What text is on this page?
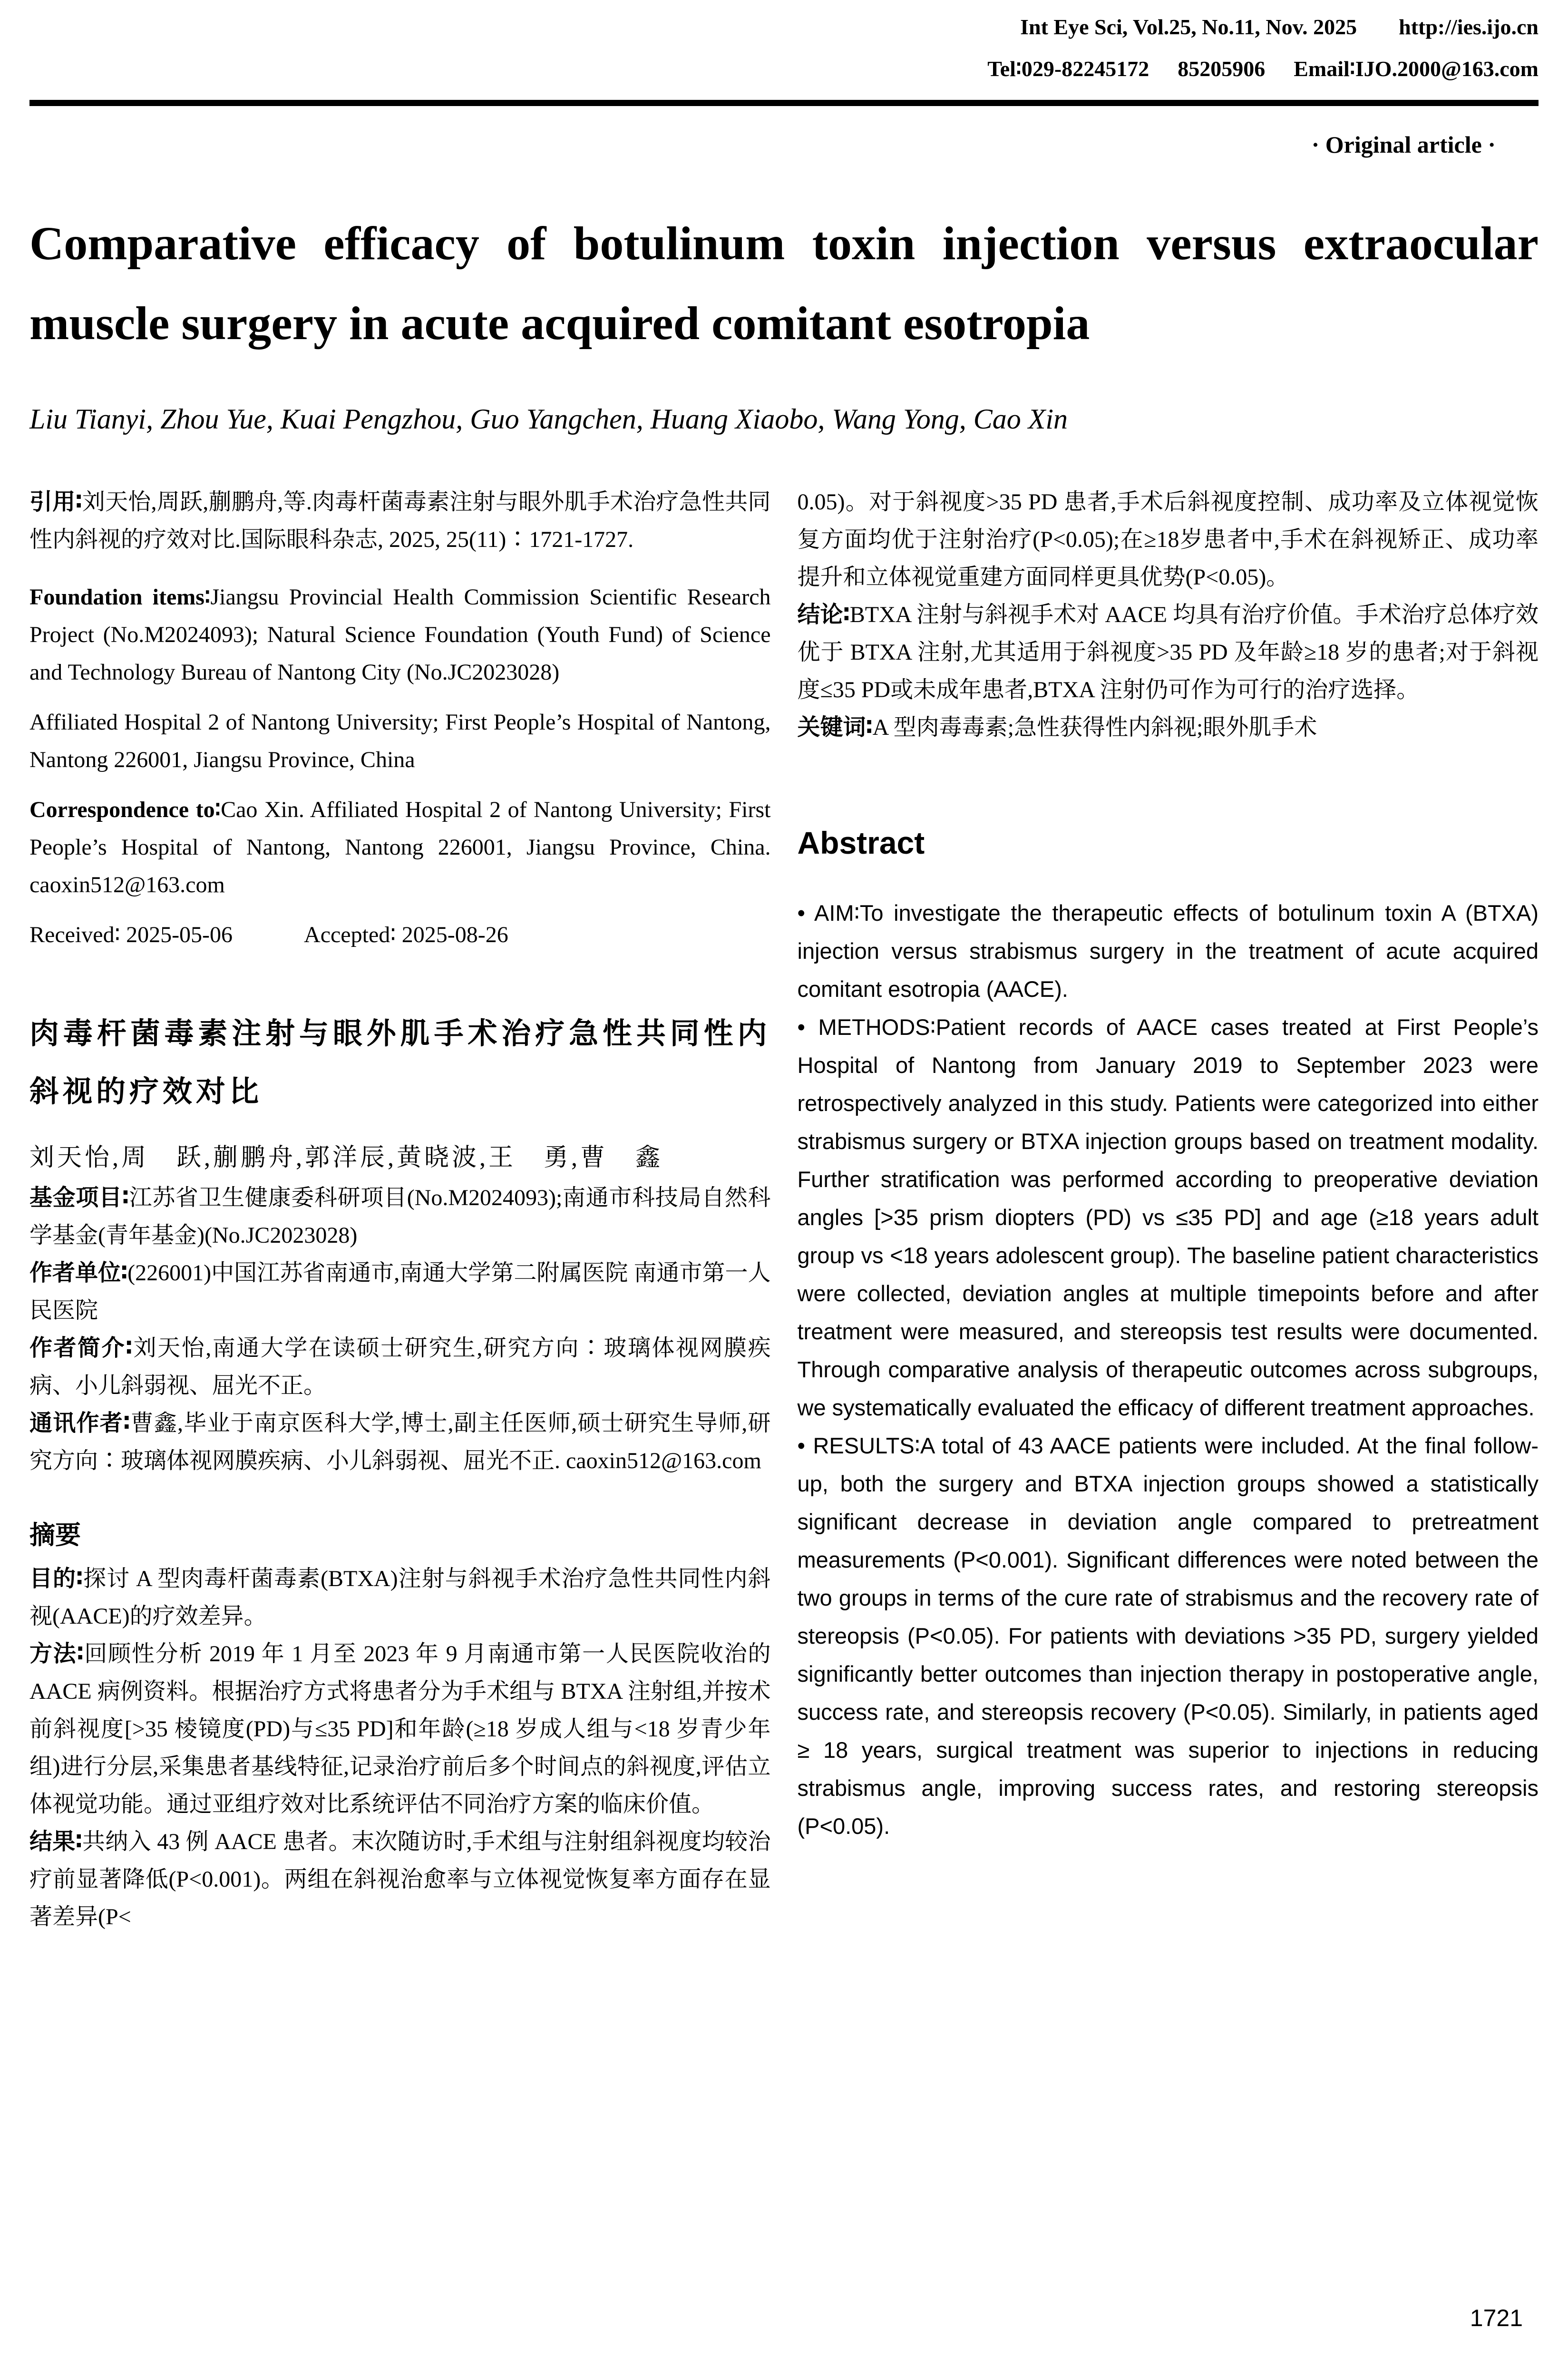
Int Eye Sci, Vol.25, No.11, Nov. 2025 http://ies.ijo.cn
Tel∶029-82245172 85205906 Email∶IJO.2000@163.com
· Original article ·
Comparative efficacy of botulinum toxin injection versus extraocular muscle surgery in acute acquired comitant esotropia
Liu Tianyi, Zhou Yue, Kuai Pengzhou, Guo Yangchen, Huang Xiaobo, Wang Yong, Cao Xin

引用∶刘天怡,周跃,蒯鹏舟,等.肉毒杆菌毒素注射与眼外肌手术治疗急性共同性内斜视的疗效对比.国际眼科杂志, 2025, 25(11)∶1721-1727.

Foundation items∶Jiangsu Provincial Health Commission Scientific Research Project (No.M2024093); Natural Science Foundation (Youth Fund) of Science and Technology Bureau of Nantong City (No.JC2023028)

Affiliated Hospital 2 of Nantong University; First People’s Hospital of Nantong, Nantong 226001, Jiangsu Province, China

Correspondence to∶Cao Xin. Affiliated Hospital 2 of Nantong University; First People’s Hospital of Nantong, Nantong 226001, Jiangsu Province, China. caoxin512@163.com

Received∶ 2025-05-06	Accepted∶ 2025-08-26

肉毒杆菌毒素注射与眼外肌手术治疗急性共同性内斜视的疗效对比
刘天怡,周　跃,蒯鹏舟,郭洋辰,黄晓波,王　勇,曹　鑫

基金项目∶江苏省卫生健康委科研项目(No.M2024093);南通市科技局自然科学基金(青年基金)(No.JC2023028)

作者单位∶(226001)中国江苏省南通市,南通大学第二附属医院 南通市第一人民医院

作者简介∶刘天怡,南通大学在读硕士研究生,研究方向∶玻璃体视网膜疾病、小儿斜弱视、屈光不正。

通讯作者∶曹鑫,毕业于南京医科大学,博士,副主任医师,硕士研究生导师,研究方向∶玻璃体视网膜疾病、小儿斜弱视、屈光不正. caoxin512@163.com

摘要

目的∶探讨 A 型肉毒杆菌毒素(BTXA)注射与斜视手术治疗急性共同性内斜视(AACE)的疗效差异。

方法∶回顾性分析 2019 年 1 月至 2023 年 9 月南通市第一人民医院收治的 AACE 病例资料。根据治疗方式将患者分为手术组与 BTXA 注射组,并按术前斜视度[>35 棱镜度(PD)与≤35 PD]和年龄(≥18 岁成人组与<18 岁青少年组)进行分层,采集患者基线特征,记录治疗前后多个时间点的斜视度,评估立体视觉功能。通过亚组疗效对比系统评估不同治疗方案的临床价值。

结果∶共纳入 43 例 AACE 患者。末次随访时,手术组与注射组斜视度均较治疗前显著降低(P<0.001)。两组在斜视治愈率与立体视觉恢复率方面存在显著差异(P<

0.05)。对于斜视度>35 PD 患者,手术后斜视度控制、成功率及立体视觉恢复方面均优于注射治疗(P<0.05);在≥18岁患者中,手术在斜视矫正、成功率提升和立体视觉重建方面同样更具优势(P<0.05)。

结论∶BTXA 注射与斜视手术对 AACE 均具有治疗价值。手术治疗总体疗效优于 BTXA 注射,尤其适用于斜视度>35 PD 及年龄≥18 岁的患者;对于斜视度≤35 PD或未成年患者,BTXA 注射仍可作为可行的治疗选择。

关键词∶A 型肉毒毒素;急性获得性内斜视;眼外肌手术

Abstract

• AIM∶To investigate the therapeutic effects of botulinum toxin A (BTXA) injection versus strabismus surgery in the treatment of acute acquired comitant esotropia (AACE).

• METHODS∶Patient records of AACE cases treated at First People’s Hospital of Nantong from January 2019 to September 2023 were retrospectively analyzed in this study. Patients were categorized into either strabismus surgery or BTXA injection groups based on treatment modality. Further stratification was performed according to preoperative deviation angles [>35 prism diopters (PD) vs ≤35 PD] and age (≥18 years adult group vs <18 years adolescent group). The baseline patient characteristics were collected, deviation angles at multiple timepoints before and after treatment were measured, and stereopsis test results were documented. Through comparative analysis of therapeutic outcomes across subgroups, we systematically evaluated the efficacy of different treatment approaches.

• RESULTS∶A total of 43 AACE patients were included. At the final follow-up, both the surgery and BTXA injection groups showed a statistically significant decrease in deviation angle compared to pretreatment measurements (P<0.001). Significant differences were noted between the two groups in terms of the cure rate of strabismus and the recovery rate of stereopsis (P<0.05). For patients with deviations >35 PD, surgery yielded significantly better outcomes than injection therapy in postoperative angle, success rate, and stereopsis recovery (P<0.05). Similarly, in patients aged ≥ 18 years, surgical treatment was superior to injections in reducing strabismus angle, improving success rates, and restoring stereopsis (P<0.05).

1721
